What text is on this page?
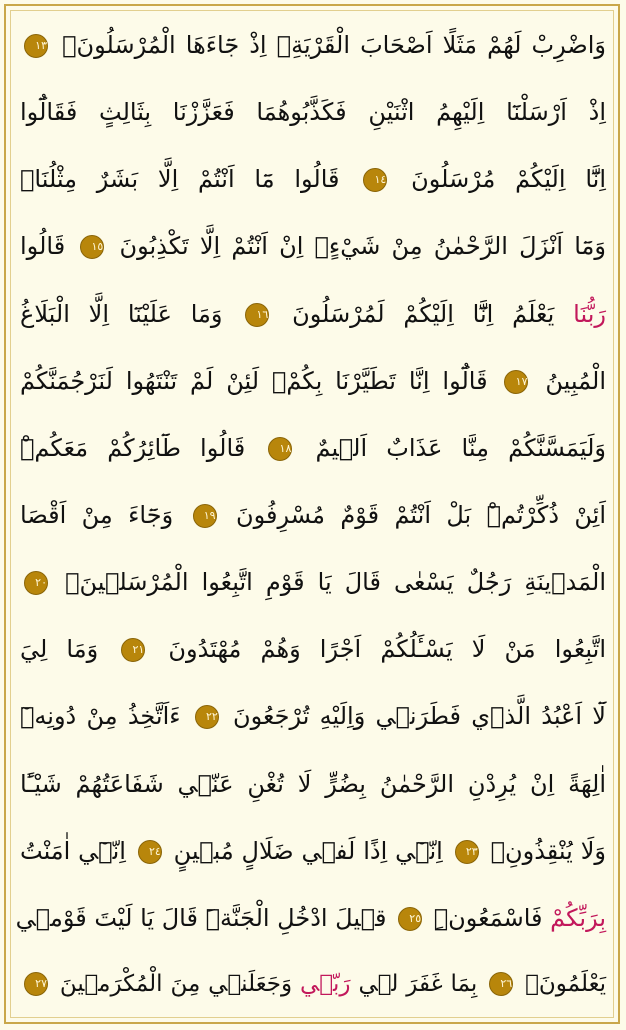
وَاضْرِبْ لَهُمْ مَثَلًا اَصْحَابَ الْقَرْيَةِۢ اِذْ جَٓاءَهَا الْمُرْسَلُونَۚ ١٣
اِذْ اَرْسَلْنَٓا اِلَيْهِمُ اثْنَيْنِ فَكَذَّبُوهُمَا فَعَزَّزْنَا بِثَالِثٍ فَقَالُٓوا
اِنَّٓا اِلَيْكُمْ مُرْسَلُونَ ١٤ قَالُوا مَٓا اَنْتُمْ اِلَّا بَشَرٌ مِثْلُنَاۙ
وَمَٓا اَنْزَلَ الرَّحْمٰنُ مِنْ شَيْءٍۙ اِنْ اَنْتُمْ اِلَّا تَكْذِبُونَ ١٥ قَالُوا
رَبُّنَا يَعْلَمُ اِنَّٓا اِلَيْكُمْ لَمُرْسَلُونَ ١٦ وَمَا عَلَيْنَٓا اِلَّا الْبَلَاغُ
الْمُبِينُ ١٧ قَالُٓوا اِنَّا تَطَيَّرْنَا بِكُمْۚ لَئِنْ لَمْ تَنْتَهُوا لَنَرْجُمَنَّكُمْ
وَلَيَمَسَّنَّكُمْ مِنَّا عَذَابٌ اَل۪يمٌ ١٨ قَالُوا طَٓائِرُكُمْ مَعَكُمْۜ
اَئِنْ ذُكِّرْتُمْۜ بَلْ اَنْتُمْ قَوْمٌ مُسْرِفُونَ ١٩ وَجَٓاءَ مِنْ اَقْصَا
الْمَد۪ينَةِ رَجُلٌ يَسْعٰى قَالَ يَا قَوْمِ اتَّبِعُوا الْمُرْسَل۪ينَۙ ٢٠
اتَّبِعُوا مَنْ لَا يَسْـَٔلُكُمْ اَجْرًا وَهُمْ مُهْتَدُونَ ٢١ وَمَا لِيَ
لَٓا اَعْبُدُ الَّذ۪ي فَطَرَن۪ي وَاِلَيْهِ تُرْجَعُونَ ٢٢ ءَاَتَّخِذُ مِنْ دُونِه۪ٓ
اٰلِهَةً اِنْ يُرِدْنِ الرَّحْمٰنُ بِضُرٍّ لَا تُغْنِ عَنّ۪ي شَفَاعَتُهُمْ شَيْـًٔا
وَلَا يُنْقِذُونِۚ ٢٣ اِنّ۪ٓي اِذًا لَف۪ي ضَلَالٍ مُب۪ينٍ ٢٤ اِنّ۪ٓي اٰمَنْتُ
بِرَبِّكُمْ فَاسْمَعُونِۜ ٢٥ ق۪يلَ ادْخُلِ الْجَنَّةَۜ قَالَ يَا لَيْتَ قَوْم۪ي
يَعْلَمُونَۙ ٢٦ بِمَا غَفَرَ ل۪ي رَبّ۪ي وَجَعَلَن۪ي مِنَ الْمُكْرَم۪ينَ ٢٧
